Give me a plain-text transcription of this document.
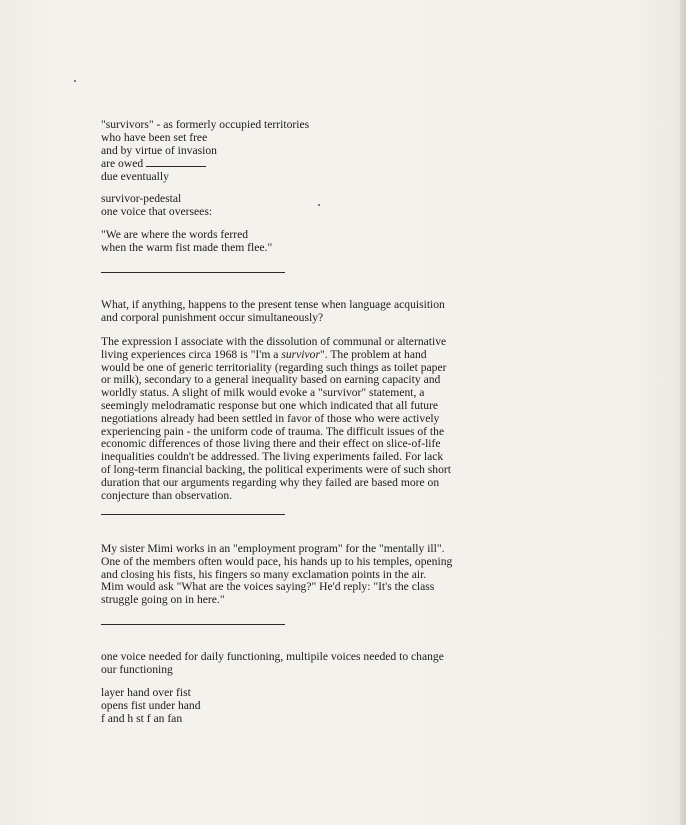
"survivors" - as formerly occupied territories
who have been set free
and by virtue of invasion
are owed
due eventually
survivor-pedestal
one voice that oversees:
"We are where the words ferred
when the warm fist made them flee."
What, if anything, happens to the present tense when language acquisition
and corporal punishment occur simultaneously?
The expression I associate with the dissolution of communal or alternative
living experiences circa 1968 is "I'm a survivor". The problem at hand
would be one of generic territoriality (regarding such things as toilet paper
or milk), secondary to a general inequality based on earning capacity and
worldly status. A slight of milk would evoke a "survivor" statement, a
seemingly melodramatic response but one which indicated that all future
negotiations already had been settled in favor of those who were actively
experiencing pain - the uniform code of trauma. The difficult issues of the
economic differences of those living there and their effect on slice-of-life
inequalities couldn't be addressed. The living experiments failed. For lack
of long-term financial backing, the political experiments were of such short
duration that our arguments regarding why they failed are based more on
conjecture than observation.
My sister Mimi works in an "employment program" for the "mentally ill".
One of the members often would pace, his hands up to his temples, opening
and closing his fists, his fingers so many exclamation points in the air.
Mim would ask "What are the voices saying?" He'd reply: "It's the class
struggle going on in here."
one voice needed for daily functioning, multipile voices needed to change
our functioning
layer hand over fist
opens fist under hand
f and h st f an fan
